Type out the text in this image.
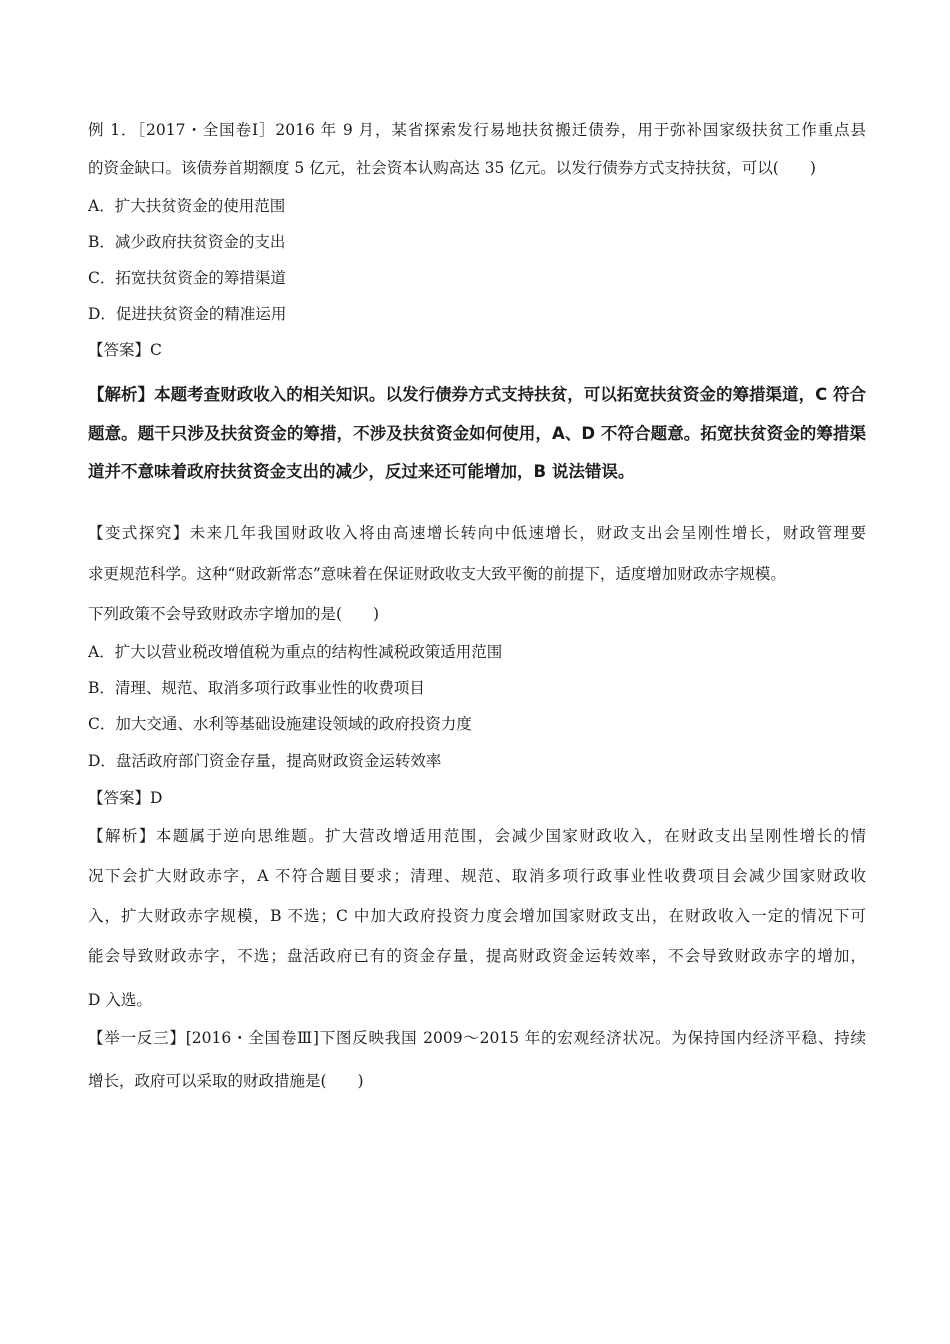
例 1．［2017・全国卷Ⅰ］2016 年 9 月，某省探索发行易地扶贫搬迁债券，用于弥补国家级扶贫工作重点县
的资金缺口。该债券首期额度 5 亿元，社会资本认购高达 35 亿元。以发行债券方式支持扶贫，可以(　　)
A．扩大扶贫资金的使用范围
B．减少政府扶贫资金的支出
C．拓宽扶贫资金的筹措渠道
D．促进扶贫资金的精准运用
【答案】C
【解析】本题考查财政收入的相关知识。以发行债券方式支持扶贫，可以拓宽扶贫资金的筹措渠道，C 符合
题意。题干只涉及扶贫资金的筹措，不涉及扶贫资金如何使用，A、D 不符合题意。拓宽扶贫资金的筹措渠
道并不意味着政府扶贫资金支出的减少，反过来还可能增加，B 说法错误。
【变式探究】未来几年我国财政收入将由高速增长转向中低速增长，财政支出会呈刚性增长，财政管理要
求更规范科学。这种“财政新常态”意味着在保证财政收支大致平衡的前提下，适度增加财政赤字规模。
下列政策不会导致财政赤字增加的是(　　)
A．扩大以营业税改增值税为重点的结构性减税政策适用范围
B．清理、规范、取消多项行政事业性的收费项目
C．加大交通、水利等基础设施建设领域的政府投资力度
D．盘活政府部门资金存量，提高财政资金运转效率
【答案】D
【解析】本题属于逆向思维题。扩大营改增适用范围，会减少国家财政收入，在财政支出呈刚性增长的情
况下会扩大财政赤字，A 不符合题目要求；清理、规范、取消多项行政事业性收费项目会减少国家财政收
入，扩大财政赤字规模，B 不选；C 中加大政府投资力度会增加国家财政支出，在财政收入一定的情况下可
能会导致财政赤字，不选；盘活政府已有的资金存量，提高财政资金运转效率，不会导致财政赤字的增加，
D 入选。
【举一反三】[2016・全国卷Ⅲ]下图反映我国 2009～2015 年的宏观经济状况。为保持国内经济平稳、持续
增长，政府可以采取的财政措施是(　　)
